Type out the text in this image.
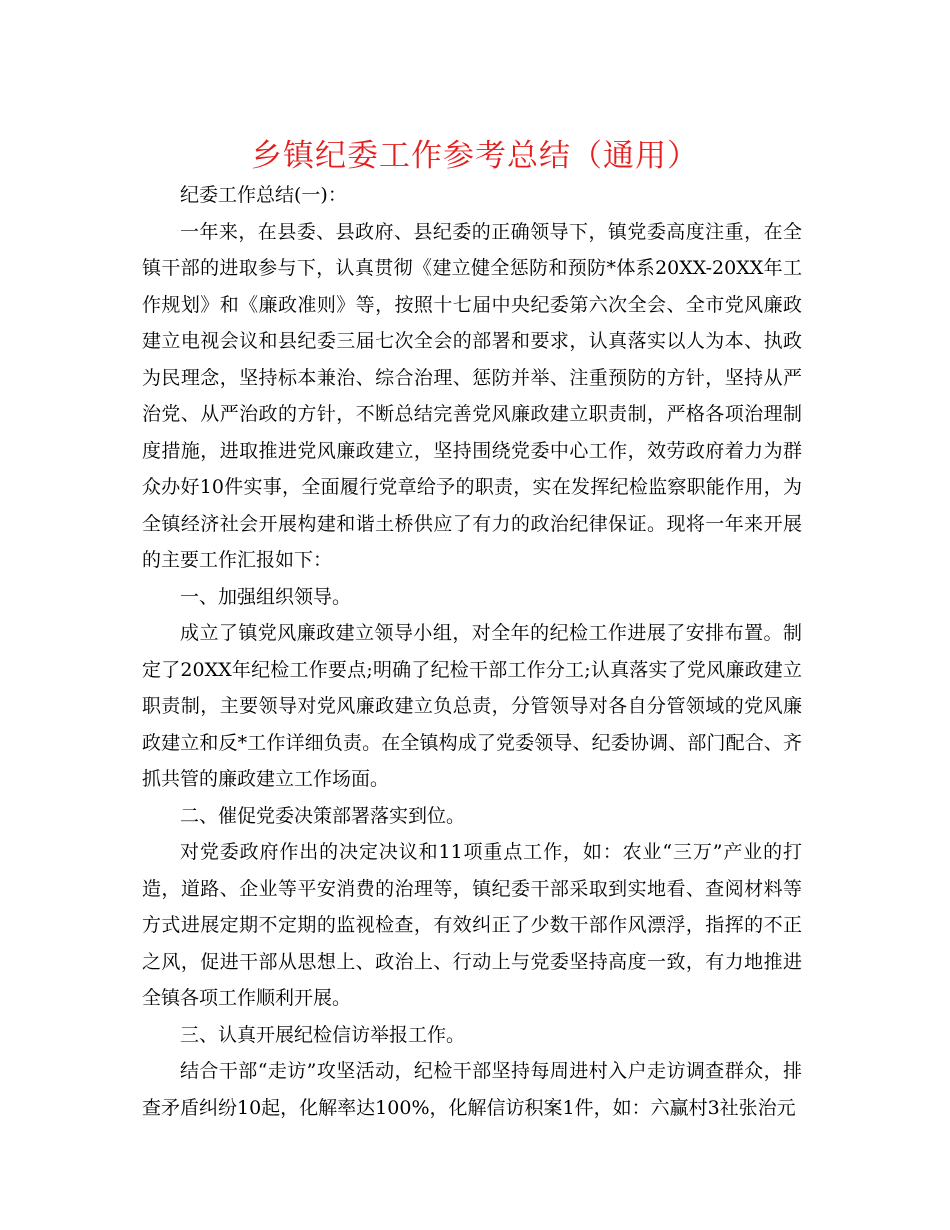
乡镇纪委工作参考总结（通用）

纪委工作总结(一)：

一年来，在县委、县政府、县纪委的正确领导下，镇党委高度注重，在全镇干部的进取参与下，认真贯彻《建立健全惩防和预防*体系20XX-20XX年工作规划》和《廉政准则》等，按照十七届中央纪委第六次全会、全市党风廉政建立电视会议和县纪委三届七次全会的部署和要求，认真落实以人为本、执政为民理念，坚持标本兼治、综合治理、惩防并举、注重预防的方针，坚持从严治党、从严治政的方针，不断总结完善党风廉政建立职责制，严格各项治理制度措施，进取推进党风廉政建立，坚持围绕党委中心工作，效劳政府着力为群众办好10件实事，全面履行党章给予的职责，实在发挥纪检监察职能作用，为全镇经济社会开展构建和谐土桥供应了有力的政治纪律保证。现将一年来开展的主要工作汇报如下：

一、加强组织领导。

成立了镇党风廉政建立领导小组，对全年的纪检工作进展了安排布置。制定了20XX年纪检工作要点;明确了纪检干部工作分工;认真落实了党风廉政建立职责制，主要领导对党风廉政建立负总责，分管领导对各自分管领域的党风廉政建立和反*工作详细负责。在全镇构成了党委领导、纪委协调、部门配合、齐抓共管的廉政建立工作场面。

二、催促党委决策部署落实到位。

对党委政府作出的决定决议和11项重点工作，如：农业“三万”产业的打造，道路、企业等平安消费的治理等，镇纪委干部采取到实地看、查阅材料等方式进展定期不定期的监视检查，有效纠正了少数干部作风漂浮，指挥的不正之风，促进干部从思想上、政治上、行动上与党委坚持高度一致，有力地推进全镇各项工作顺利开展。

三、认真开展纪检信访举报工作。

结合干部“走访”攻坚活动，纪检干部坚持每周进村入户走访调查群众，排查矛盾纠纷10起，化解率达100%，化解信访积案1件，如：六赢村3社张治元
